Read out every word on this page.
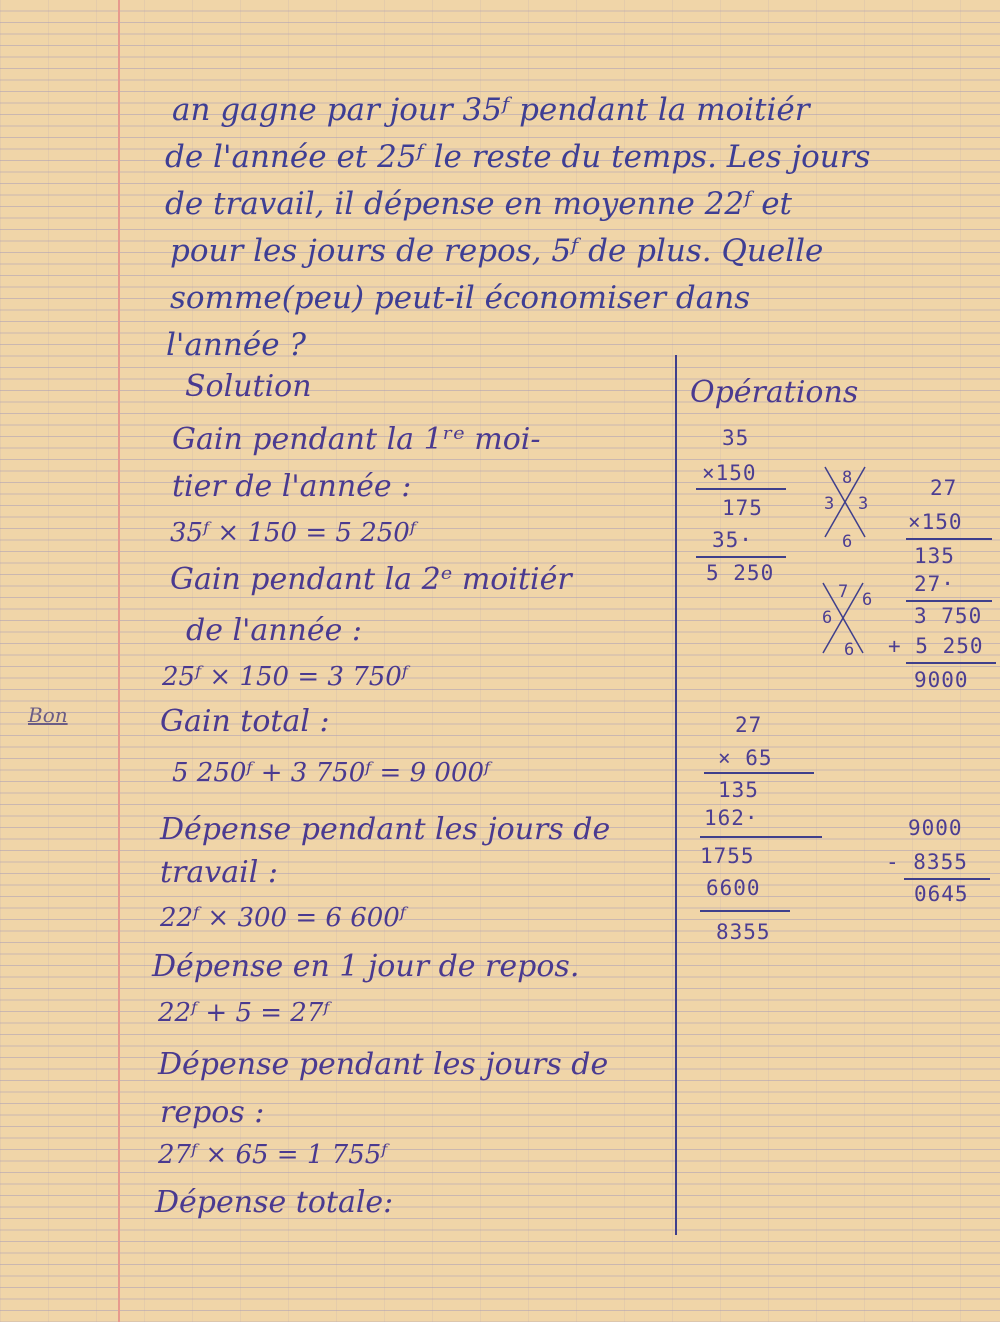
an gagne par jour 35ᶠ pendant la moitiér
de l'année et 25ᶠ le reste du temps. Les jours
de travail, il dépense en moyenne 22ᶠ et
pour les jours de repos, 5ᶠ de plus. Quelle
somme(peu) peut-il économiser dans
l'année ?
Solution
Gain pendant la 1ʳᵉ moi-
tier de l'année :
35ᶠ × 150 = 5 250ᶠ
Gain pendant la 2ᵉ moitiér
de l'année :
25ᶠ × 150 = 3 750ᶠ
Gain total :
5 250ᶠ + 3 750ᶠ = 9 000ᶠ
Dépense pendant les jours de
travail :
22ᶠ × 300 = 6 600ᶠ
Dépense en 1 jour de repos.
22ᶠ + 5 = 27ᶠ
Dépense pendant les jours de
repos :
27ᶠ × 65 = 1 755ᶠ
Dépense totale:
Bon
Opérations
35
×150
175
35·
5 250
8
3 3
6
7 6
6
6
27
×150
135
27·
3 750
+ 5 250
9000
27
× 65
135
162·
1755
6600
8355
9000
- 8355
0645
